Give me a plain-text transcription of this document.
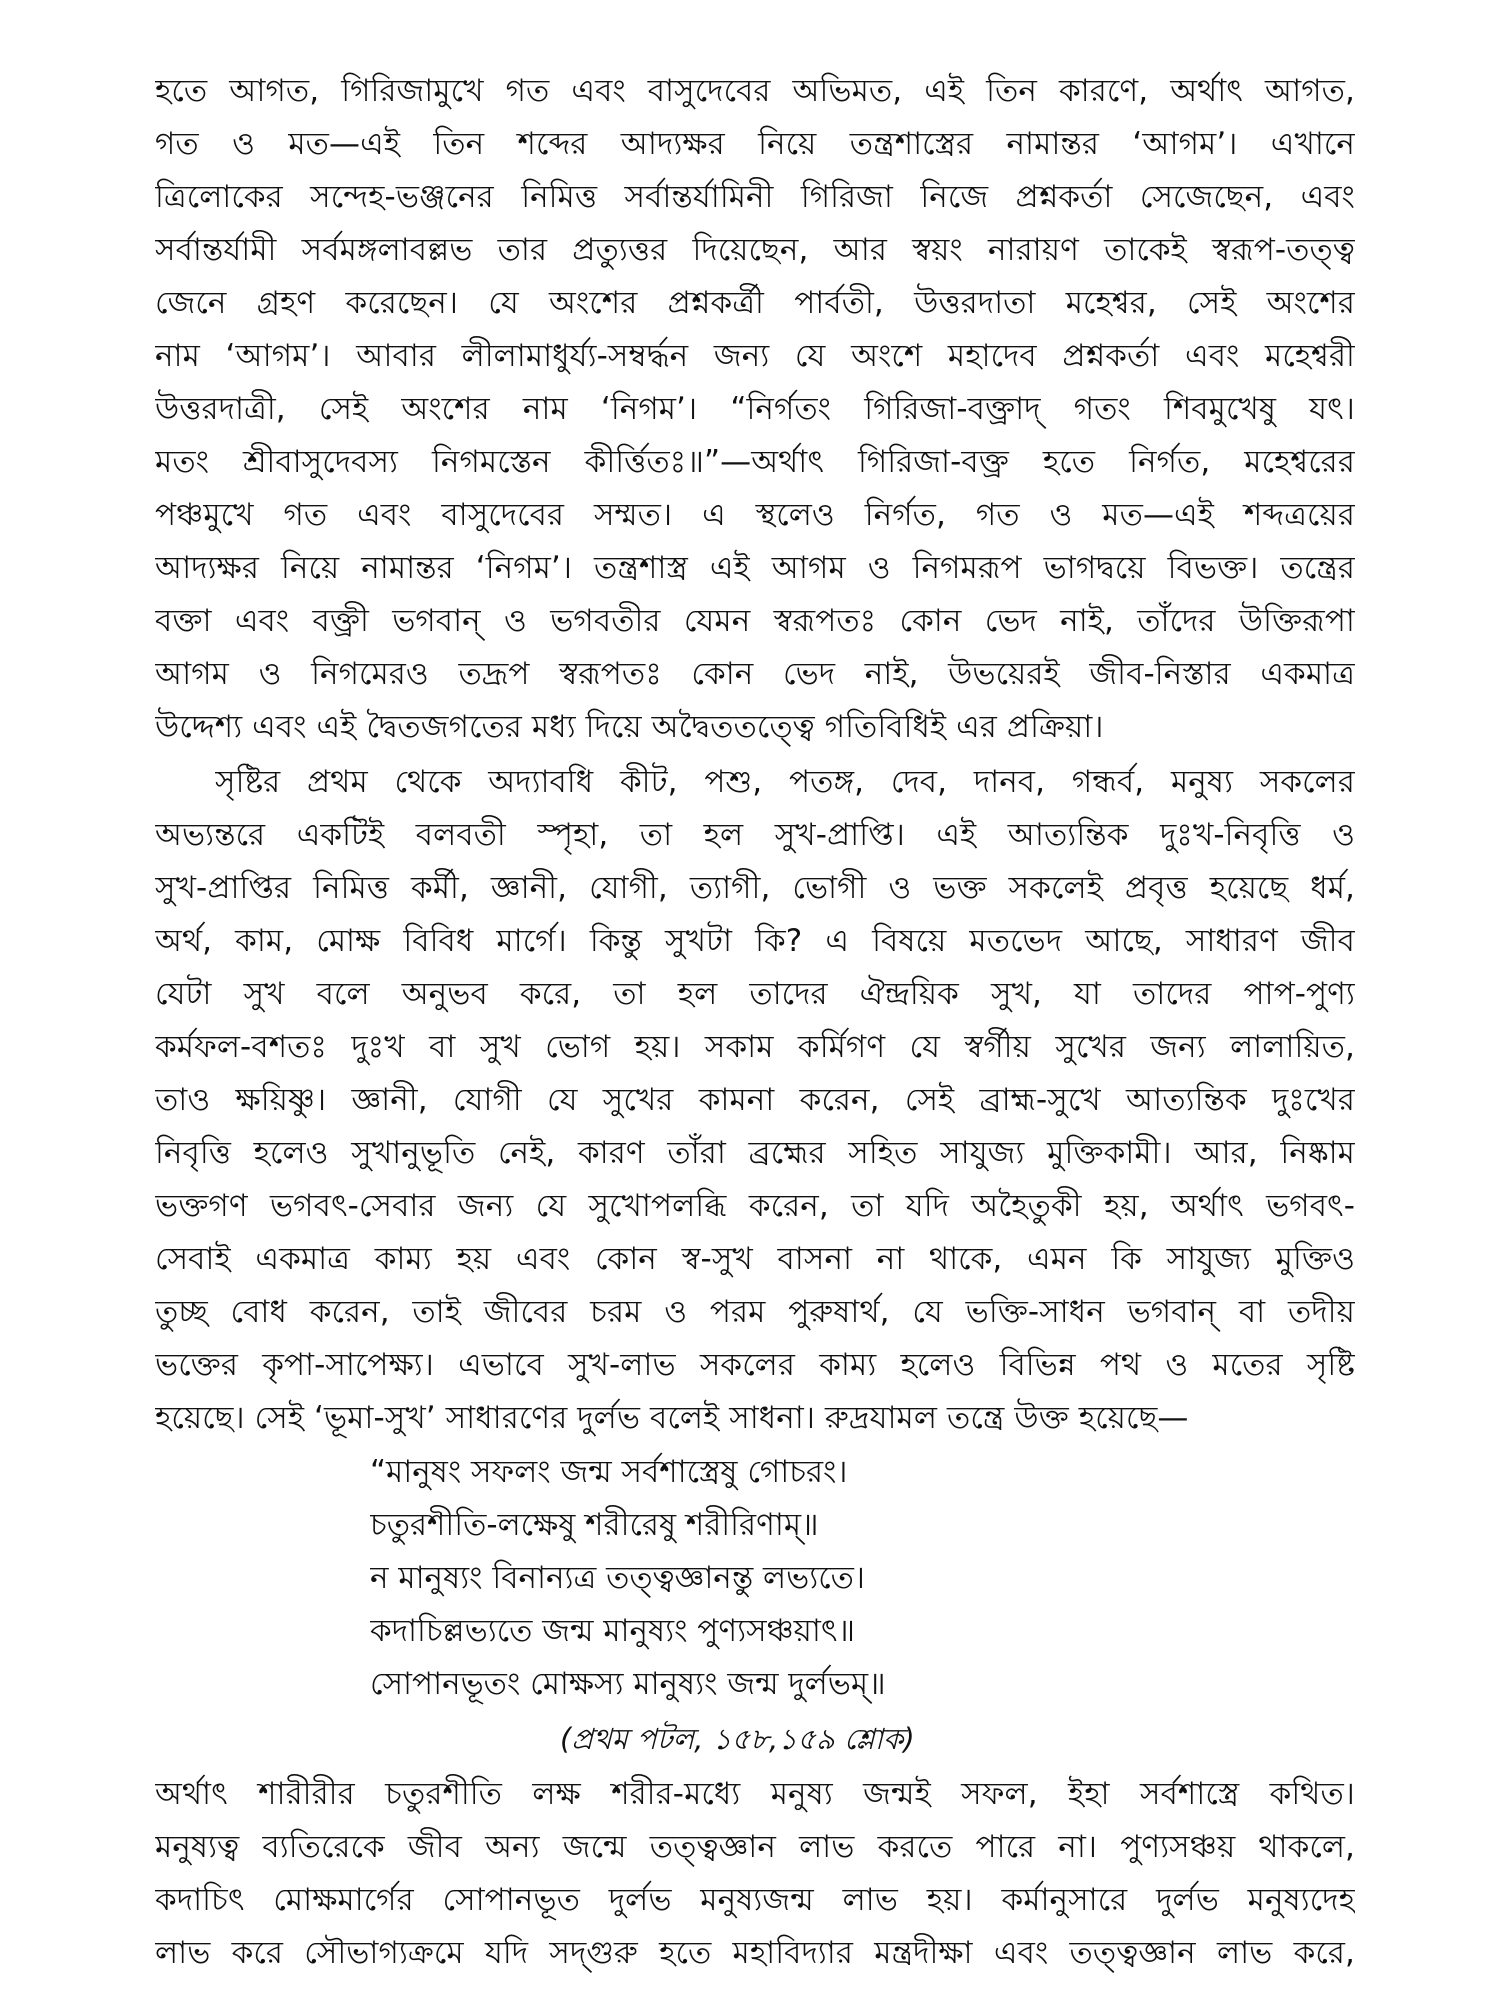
হতে আগত, গিরিজামুখে গত এবং বাসুদেবের অভিমত, এই তিন কারণে, অর্থাৎ আগত,
গত ও মত—এই তিন শব্দের আদ্যক্ষর নিয়ে তন্ত্রশাস্ত্রের নামান্তর ‘আগম’। এখানে
ত্রিলোকের সন্দেহ-ভঞ্জনের নিমিত্ত সর্বান্তর্যামিনী গিরিজা নিজে প্রশ্নকর্তা সেজেছেন, এবং
সর্বান্তর্যামী সর্বমঙ্গলাবল্লভ তার প্রত্যুত্তর দিয়েছেন, আর স্বয়ং নারায়ণ তাকেই স্বরূপ-তত্ত্ব
জেনে গ্রহণ করেছেন। যে অংশের প্রশ্নকর্ত্রী পার্বতী, উত্তরদাতা মহেশ্বর, সেই অংশের
নাম ‘আগম’। আবার লীলামাধুর্য্য-সম্বর্দ্ধন জন্য যে অংশে মহাদেব প্রশ্নকর্তা এবং মহেশ্বরী
উত্তরদাত্রী, সেই অংশের নাম ‘নিগম’। “নির্গতং গিরিজা-বক্ত্রাদ্ গতং শিবমুখেষু যৎ।
মতং শ্রীবাসুদেবস্য নিগমস্তেন কীর্ত্তিতঃ॥”—অর্থাৎ গিরিজা-বক্ত্র হতে নির্গত, মহেশ্বরের
পঞ্চমুখে গত এবং বাসুদেবের সম্মত। এ স্থলেও নির্গত, গত ও মত—এই শব্দত্রয়ের
আদ্যক্ষর নিয়ে নামান্তর ‘নিগম’। তন্ত্রশাস্ত্র এই আগম ও নিগমরূপ ভাগদ্বয়ে বিভক্ত। তন্ত্রের
বক্তা এবং বক্ত্রী ভগবান্ ও ভগবতীর যেমন স্বরূপতঃ কোন ভেদ নাই, তাঁদের উক্তিরূপা
আগম ও নিগমেরও তদ্রূপ স্বরূপতঃ কোন ভেদ নাই, উভয়েরই জীব-নিস্তার একমাত্র
উদ্দেশ্য এবং এই দ্বৈতজগতের মধ্য দিয়ে অদ্বৈততত্ত্বে গতিবিধিই এর প্রক্রিয়া।
সৃষ্টির প্রথম থেকে অদ্যাবধি কীট, পশু, পতঙ্গ, দেব, দানব, গন্ধর্ব, মনুষ্য সকলের
অভ্যন্তরে একটিই বলবতী স্পৃহা, তা হল সুখ-প্রাপ্তি। এই আত্যন্তিক দুঃখ-নিবৃত্তি ও
সুখ-প্রাপ্তির নিমিত্ত কর্মী, জ্ঞানী, যোগী, ত্যাগী, ভোগী ও ভক্ত সকলেই প্রবৃত্ত হয়েছে ধর্ম,
অর্থ, কাম, মোক্ষ বিবিধ মার্গে। কিন্তু সুখটা কি? এ বিষয়ে মতভেদ আছে, সাধারণ জীব
যেটা সুখ বলে অনুভব করে, তা হল তাদের ঐন্দ্রয়িক সুখ, যা তাদের পাপ-পুণ্য
কর্মফল-বশতঃ দুঃখ বা সুখ ভোগ হয়। সকাম কর্মিগণ যে স্বর্গীয় সুখের জন্য লালায়িত,
তাও ক্ষয়িষ্ণু। জ্ঞানী, যোগী যে সুখের কামনা করেন, সেই ব্রাহ্ম-সুখে আত্যন্তিক দুঃখের
নিবৃত্তি হলেও সুখানুভূতি নেই, কারণ তাঁরা ব্রহ্মের সহিত সাযুজ্য মুক্তিকামী। আর, নিষ্কাম
ভক্তগণ ভগবৎ-সেবার জন্য যে সুখোপলব্ধি করেন, তা যদি অহৈতুকী হয়, অর্থাৎ ভগবৎ-
সেবাই একমাত্র কাম্য হয় এবং কোন স্ব-সুখ বাসনা না থাকে, এমন কি সাযুজ্য মুক্তিও
তুচ্ছ বোধ করেন, তাই জীবের চরম ও পরম পুরুষার্থ, যে ভক্তি-সাধন ভগবান্ বা তদীয়
ভক্তের কৃপা-সাপেক্ষ্য। এভাবে সুখ-লাভ সকলের কাম্য হলেও বিভিন্ন পথ ও মতের সৃষ্টি
হয়েছে। সেই ‘ভূমা-সুখ’ সাধারণের দুর্লভ বলেই সাধনা। রুদ্রযামল তন্ত্রে উক্ত হয়েছে—
“মানুষং সফলং জন্ম সর্বশাস্ত্রেষু গোচরং।
চতুরশীতি-লক্ষেষু শরীরেষু শরীরিণাম্॥
ন মানুষ্যং বিনান্যত্র তত্ত্বজ্ঞানন্তু লভ্যতে।
কদাচিল্লভ্যতে জন্ম মানুষ্যং পুণ্যসঞ্চয়াৎ॥
সোপানভূতং মোক্ষস্য মানুষ্যং জন্ম দুর্লভম্॥
(প্রথম পটল, ১৫৮,১৫৯ শ্লোক)
অর্থাৎ শারীরীর চতুরশীতি লক্ষ শরীর-মধ্যে মনুষ্য জন্মই সফল, ইহা সর্বশাস্ত্রে কথিত।
মনুষ্যত্ব ব্যতিরেকে জীব অন্য জন্মে তত্ত্বজ্ঞান লাভ করতে পারে না। পুণ্যসঞ্চয় থাকলে,
কদাচিৎ মোক্ষমার্গের সোপানভূত দুর্লভ মনুষ্যজন্ম লাভ হয়। কর্মানুসারে দুর্লভ মনুষ্যদেহ
লাভ করে সৌভাগ্যক্রমে যদি সদ্গুরু হতে মহাবিদ্যার মন্ত্রদীক্ষা এবং তত্ত্বজ্ঞান লাভ করে,
